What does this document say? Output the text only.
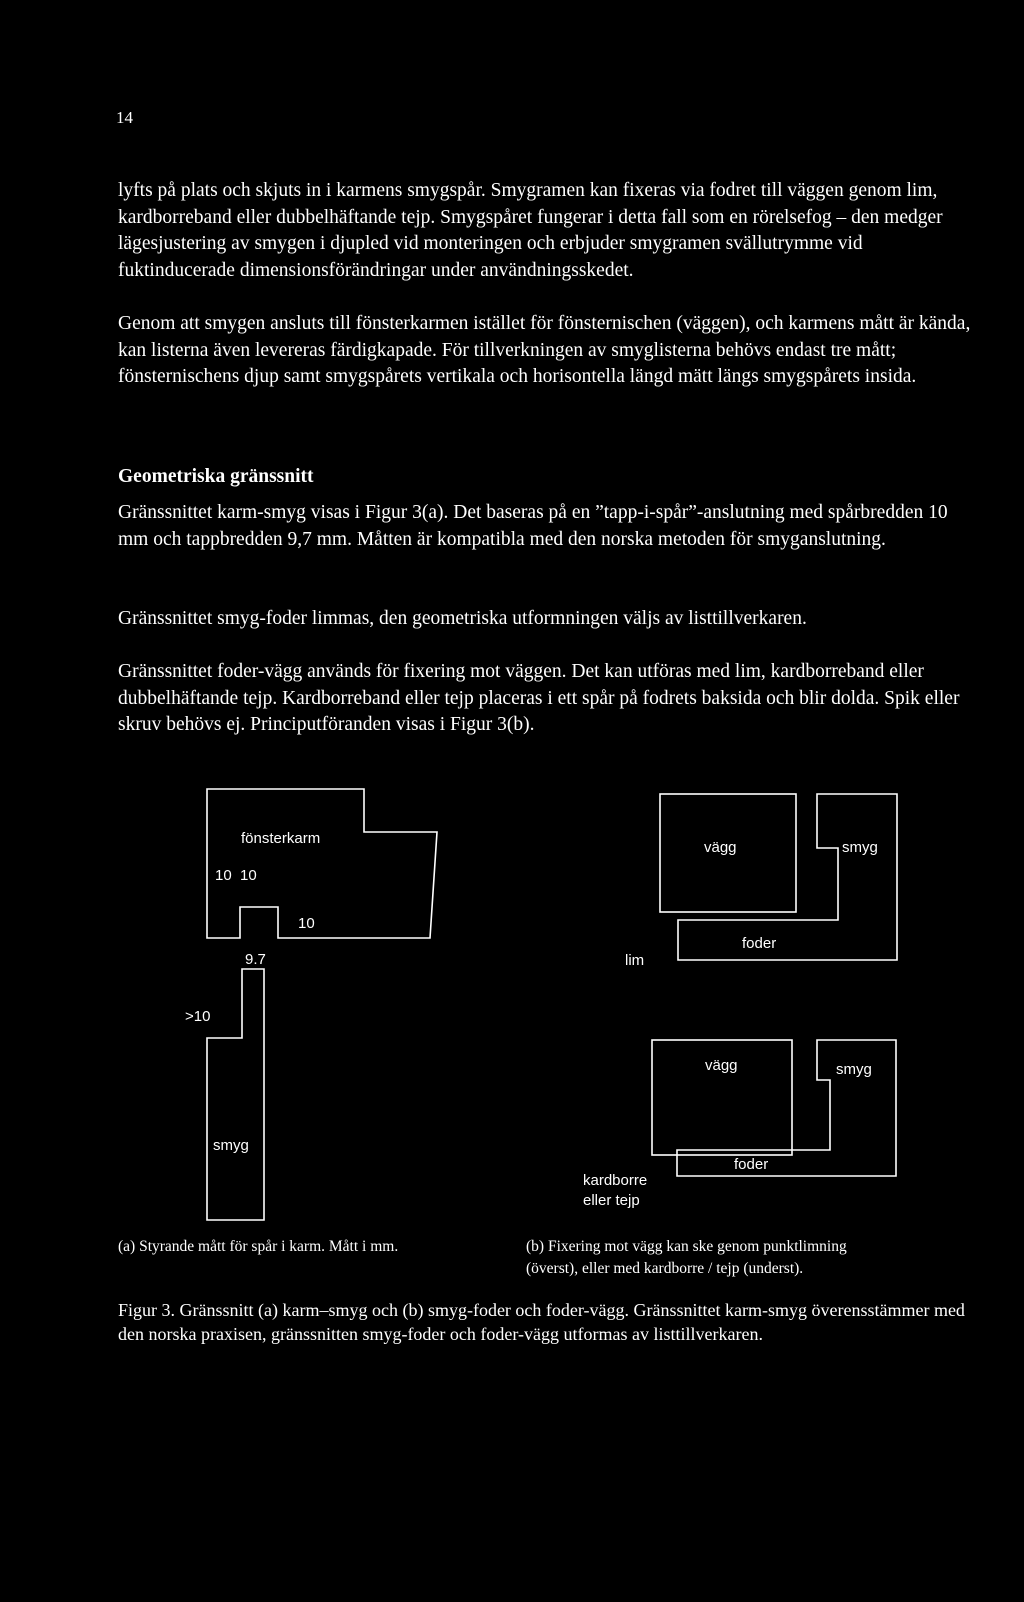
14

lyfts på plats och skjuts in i karmens smygspår. Smygramen kan fixeras via fodret till väggen genom lim, kardborreband eller dubbelhäftande tejp. Smygspåret fungerar i detta fall som en rörelsefog – den medger lägesjustering av smygen i djupled vid monteringen och erbjuder smygramen svällutrymme vid fuktinducerade dimensionsförändringar under användningsskedet.

Genom att smygen ansluts till fönsterkarmen istället för fönsternischen (väggen), och karmens mått är kända, kan listerna även levereras färdigkapade. För tillverkningen av smyglisterna behövs endast tre mått; fönsternischens djup samt smygspårets vertikala och horisontella längd mätt längs smygspårets insida.

Geometriska gränssnitt

Gränssnittet karm-smyg visas i Figur 3(a). Det baseras på en ”tapp-i-spår”-anslutning med spårbredden 10 mm och tappbredden 9,7 mm. Måtten är kompatibla med den norska metoden för smyganslutning.

Gränssnittet smyg-foder limmas, den geometriska utformningen väljs av listtillverkaren.

Gränssnittet foder-vägg används för fixering mot väggen. Det kan utföras med lim, kardborreband eller dubbelhäftande tejp. Kardborreband eller tejp placeras i ett spår på fodrets baksida och blir dolda. Spik eller skruv behövs ej. Principutföranden visas i Figur 3(b).

fönsterkarm
10  10
10
9.7
>10
smyg
vägg	smyg
foder
lim
vägg	smyg
foder
kardborre
eller tejp
(a) Styrande mått för spår i karm. Mått i mm.	(b) Fixering mot vägg kan ske genom punktlimning
(överst), eller med kardborre / tejp (underst).

Figur 3. Gränssnitt (a) karm–smyg och (b) smyg-foder och foder-vägg. Gränssnittet karm-smyg överensstämmer med den norska praxisen, gränssnitten smyg-foder och foder-vägg utformas av listtillverkaren.
